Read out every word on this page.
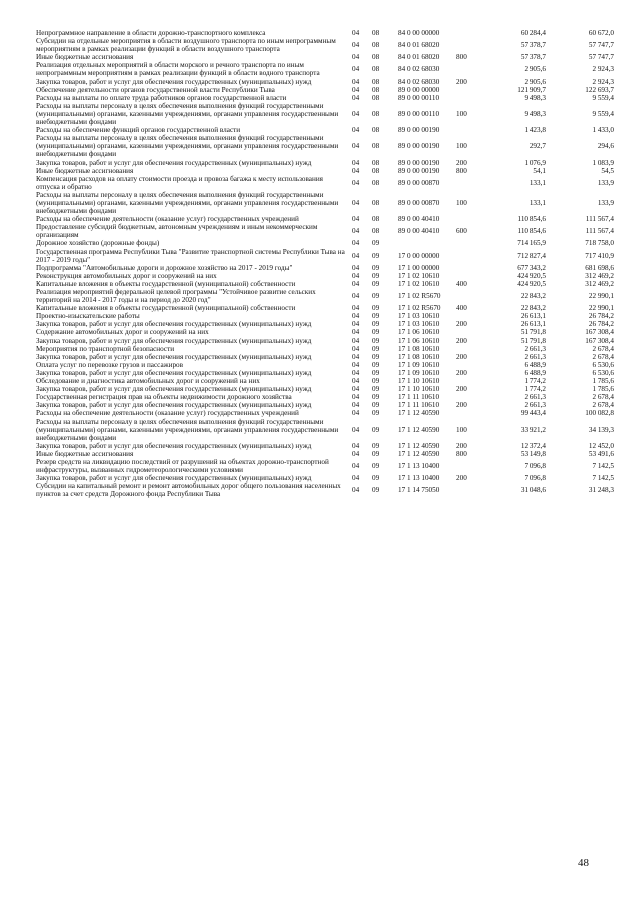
Непрограммное направление в области дорожно-транспортного комплекса	04	08	84 0 00 00000		60 284,4	60 672,0
Субсидии на отдельные мероприятия в области воздушного транспорта по иным непрограммным мероприятиям в рамках реализации функций в области воздушного транспорта	04	08	84 0 01 68020		57 378,7	57 747,7
Иные бюджетные ассигнования	04	08	84 0 01 68020	800	57 378,7	57 747,7
Реализация отдельных мероприятий в области морского и речного транспорта по иным непрограммным мероприятиям в рамках реализации функций в области водного транспорта	04	08	84 0 02 68030		2 905,6	2 924,3
Закупка товаров, работ и услуг для обеспечения государственных (муниципальных) нужд	04	08	84 0 02 68030	200	2 905,6	2 924,3
Обеспечение деятельности органов государственной власти Республики Тыва	04	08	89 0 00 00000		121 909,7	122 693,7
Расходы на выплаты по оплате труда работников органов государственной власти	04	08	89 0 00 00110		9 498,3	9 559,4
Расходы на выплаты персоналу в целях обеспечения выполнения функций государственными (муниципальными) органами, казенными учреждениями, органами управления государственными внебюджетными фондами	04	08	89 0 00 00110	100	9 498,3	9 559,4
Расходы на обеспечение функций органов государственной власти	04	08	89 0 00 00190		1 423,8	1 433,0
Расходы на выплаты персоналу в целях обеспечения выполнения функций государственными (муниципальными) органами, казенными учреждениями, органами управления государственными внебюджетными фондами	04	08	89 0 00 00190	100	292,7	294,6
Закупка товаров, работ и услуг для обеспечения государственных (муниципальных) нужд	04	08	89 0 00 00190	200	1 076,9	1 083,9
Иные бюджетные ассигнования	04	08	89 0 00 00190	800	54,1	54,5
Компенсация расходов на оплату стоимости проезда и провоза багажа к месту использования отпуска и обратно	04	08	89 0 00 00870		133,1	133,9
Расходы на выплаты персоналу в целях обеспечения выполнения функций государственными (муниципальными) органами, казенными учреждениями, органами управления государственными внебюджетными фондами	04	08	89 0 00 00870	100	133,1	133,9
Расходы на обеспечение деятельности (оказание услуг) государственных учреждений	04	08	89 0 00 40410		110 854,6	111 567,4
Предоставление субсидий бюджетным, автономным учреждениям и иным некоммерческим организациям	04	08	89 0 00 40410	600	110 854,6	111 567,4
Дорожное хозяйство (дорожные фонды)	04	09			714 165,9	718 758,0
Государственная программа Республики Тыва "Развитие транспортной системы Республики Тыва на 2017 - 2019 годы"	04	09	17 0 00 00000		712 827,4	717 410,9
Подпрограмма "Автомобильные дороги и дорожное хозяйство на 2017 - 2019 годы"	04	09	17 1 00 00000		677 343,2	681 698,6
Реконструкция автомобильных дорог и сооружений на них	04	09	17 1 02 10610		424 920,5	312 469,2
Капитальные вложения в объекты государственной (муниципальной) собственности	04	09	17 1 02 10610	400	424 920,5	312 469,2
Реализация мероприятий федеральной целевой программы "Устойчивое развитие сельских территорий на 2014 - 2017 годы и на период до 2020 год"	04	09	17 1 02 R5670		22 843,2	22 990,1
Капитальные вложения в объекты государственной (муниципальной) собственности	04	09	17 1 02 R5670	400	22 843,2	22 990,1
Проектно-изыскательские работы	04	09	17 1 03 10610		26 613,1	26 784,2
Закупка товаров, работ и услуг для обеспечения государственных (муниципальных) нужд	04	09	17 1 03 10610	200	26 613,1	26 784,2
Содержание автомобильных дорог и сооружений на них	04	09	17 1 06 10610		51 791,8	167 308,4
Закупка товаров, работ и услуг для обеспечения государственных (муниципальных) нужд	04	09	17 1 06 10610	200	51 791,8	167 308,4
Мероприятия по транспортной безопасности	04	09	17 1 08 10610		2 661,3	2 678,4
Закупка товаров, работ и услуг для обеспечения государственных (муниципальных) нужд	04	09	17 1 08 10610	200	2 661,3	2 678,4
Оплата услуг по перевозке грузов и пассажиров	04	09	17 1 09 10610		6 488,9	6 530,6
Закупка товаров, работ и услуг для обеспечения государственных (муниципальных) нужд	04	09	17 1 09 10610	200	6 488,9	6 530,6
Обследование и диагностика автомобильных дорог и сооружений на них	04	09	17 1 10 10610		1 774,2	1 785,6
Закупка товаров, работ и услуг для обеспечения государственных (муниципальных) нужд	04	09	17 1 10 10610	200	1 774,2	1 785,6
Государственная регистрация прав на объекты недвижимости дорожного хозяйства	04	09	17 1 11 10610		2 661,3	2 678,4
Закупка товаров, работ и услуг для обеспечения государственных (муниципальных) нужд	04	09	17 1 11 10610	200	2 661,3	2 678,4
Расходы на обеспечение деятельности (оказание услуг) государственных учреждений	04	09	17 1 12 40590		99 443,4	100 082,8
Расходы на выплаты персоналу в целях обеспечения выполнения функций государственными (муниципальными) органами, казенными учреждениями, органами управления государственными внебюджетными фондами	04	09	17 1 12 40590	100	33 921,2	34 139,3
Закупка товаров, работ и услуг для обеспечения государственных (муниципальных) нужд	04	09	17 1 12 40590	200	12 372,4	12 452,0
Иные бюджетные ассигнования	04	09	17 1 12 40590	800	53 149,8	53 491,6
Резерв средств на ликвидацию последствий от разрушений на объектах дорожно-транспортной инфраструктуры, вызванных гидрометеорологическими условиями	04	09	17 1 13 10400		7 096,8	7 142,5
Закупка товаров, работ и услуг для обеспечения государственных (муниципальных) нужд	04	09	17 1 13 10400	200	7 096,8	7 142,5
Субсидии на капитальный ремонт и ремонт автомобильных дорог общего пользования населенных пунктов за счет средств Дорожного фонда Республики Тыва	04	09	17 1 14 75050		31 048,6	31 248,3
48
